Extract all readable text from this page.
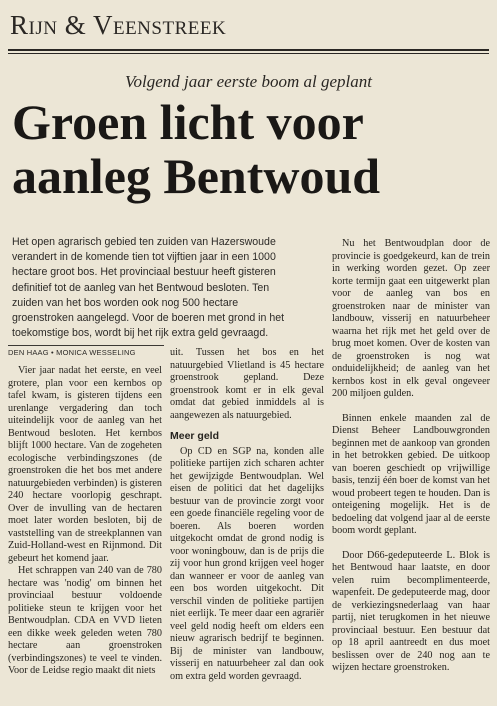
Rijn & Veenstreek
Volgend jaar eerste boom al geplant
Groen licht voor aanleg Bentwoud
Het open agrarisch gebied ten zuiden van Hazerswoude verandert in de komende tien tot vijftien jaar in een 1000 hectare groot bos. Het provinciaal bestuur heeft gisteren definitief tot de aanleg van het Bentwoud besloten. Ten zuiden van het bos worden ook nog 500 hectare groenstroken aangelegd. Voor de boeren met grond in het toekomstige bos, wordt bij het rijk extra geld gevraagd.
DEN HAAG • MONICA WESSELING

Vier jaar nadat het eerste, en veel grotere, plan voor een kernbos op tafel kwam, is gisteren tijdens een urenlange vergadering dan toch uiteindelijk voor de aanleg van het Bentwoud besloten. Het kernbos blijft 1000 hectare. Van de zogeheten ecologische verbindingszones (de groenstroken die het bos met andere natuurgebieden verbinden) is gisteren 240 hectare voorlopig geschrapt. Over de invulling van de hectaren moet later worden besloten, bij de vaststelling van de streekplannen van Zuid-Holland-west en Rijnmond. Dit gebeurt het komend jaar.

Het schrappen van 240 van de 780 hectare was 'nodig' om binnen het provinciaal bestuur voldoende politieke steun te krijgen voor het Bentwoudplan. CDA en VVD lieten een dikke week geleden weten 780 hectare aan groenstroken (verbindingszones) te veel te vinden. Voor de Leidse regio maakt dit niets

uit. Tussen het bos en het natuurgebied Vlietland is 45 hectare groenstrook gepland. Deze groenstrook komt er in elk geval omdat dat gebied inmiddels al is aangewezen als natuurgebied.

Meer geld

Op CD en SGP na, konden alle politieke partijen zich scharen achter het gewijzigde Bentwoudplan. Wel eisen de politici dat het dagelijks bestuur van de provincie zorgt voor een goede financiële regeling voor de boeren. Als boeren worden uitgekocht omdat de grond nodig is voor woningbouw, dan is de prijs die zij voor hun grond krijgen veel hoger dan wanneer er voor de aanleg van een bos worden uitgekocht. Dit verschil vinden de politieke partijen niet eerlijk. Te meer daar een agrariër veel geld nodig heeft om elders een nieuw agrarisch bedrijf te beginnen. Bij de minister van landbouw, visserij en natuurbeheer zal dan ook om extra geld worden gevraagd.

Nu het Bentwoudplan door de provincie is goedgekeurd, kan de trein in werking worden gezet. Op zeer korte termijn gaat een uitgewerkt plan voor de aanleg van bos en groenstroken naar de minister van landbouw, visserij en natuurbeheer waarna het rijk met het geld over de brug moet komen. Over de kosten van de groenstroken is nog wat onduidelijkheid; de aanleg van het kernbos kost in elk geval ongeveer 200 miljoen gulden.

Binnen enkele maanden zal de Dienst Beheer Landbouwgronden beginnen met de aankoop van gronden in het betrokken gebied. De uitkoop van boeren geschiedt op vrijwillige basis, tenzij één boer de komst van het woud probeert tegen te houden. Dan is onteigening mogelijk. Het is de bedoeling dat volgend jaar al de eerste boom wordt geplant.

Door D66-gedeputeerde L. Blok is het Bentwoud haar laatste, en door velen ruim becomplimenteerde, wapenfeit. De gedeputeerde mag, door de verkiezingsnederlaag van haar partij, niet terugkomen in het nieuwe provinciaal bestuur. Een bestuur dat op 18 april aantreedt en dus moet beslissen over de 240 nog aan te wijzen hectare groenstroken.
